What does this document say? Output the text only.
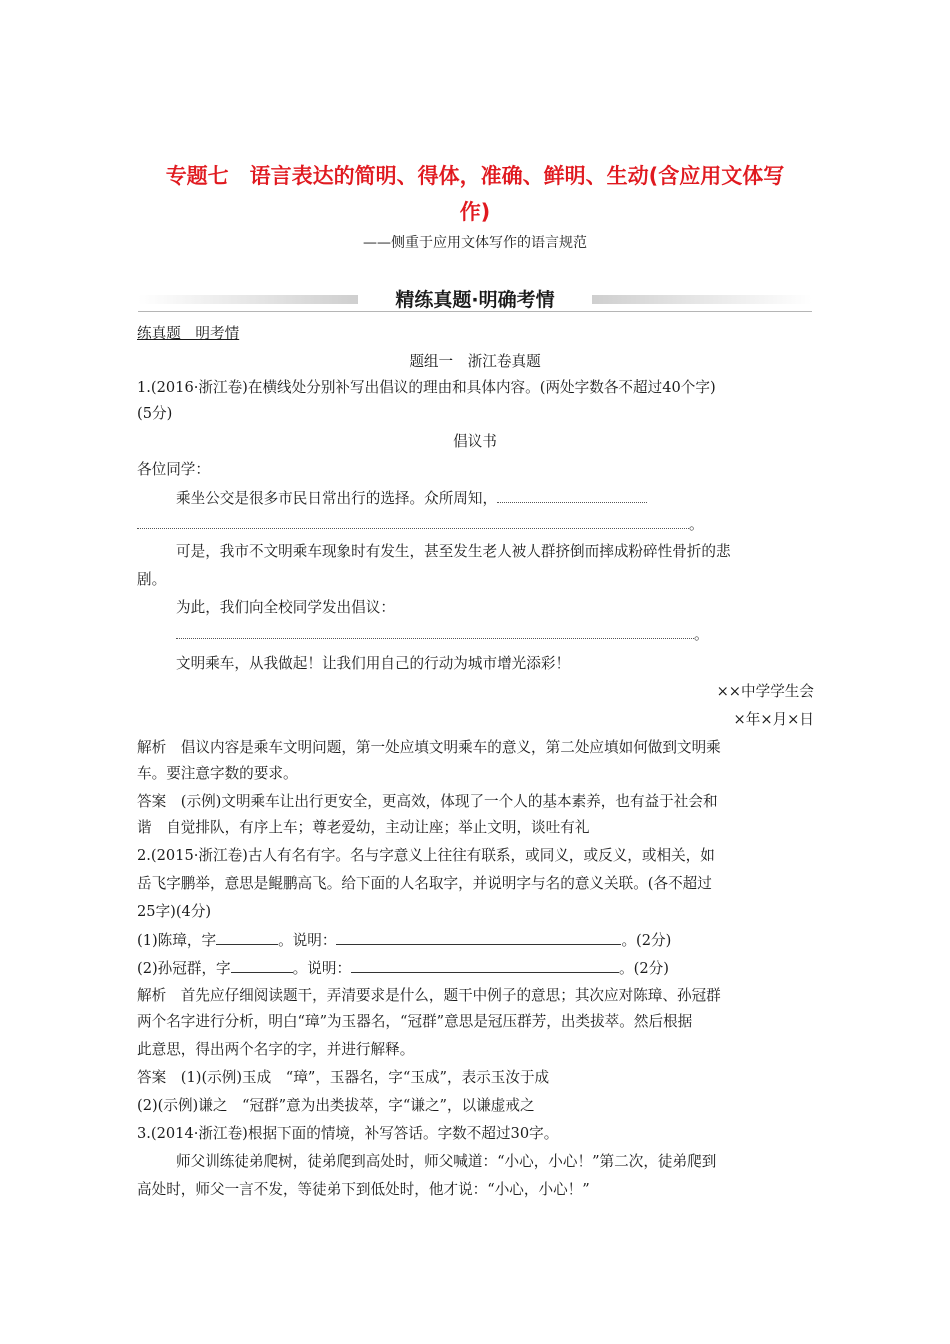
专题七　语言表达的简明、得体，准确、鲜明、生动(含应用文体写
作)
——侧重于应用文体写作的语言规范
精练真题·明确考情
练真题　明考情
题组一　浙江卷真题
1.(2016·浙江卷)在横线处分别补写出倡议的理由和具体内容。(两处字数各不超过40个字)
(5分)
倡议书
各位同学：
乘坐公交是很多市民日常出行的选择。众所周知，
。
可是，我市不文明乘车现象时有发生，甚至发生老人被人群挤倒而摔成粉碎性骨折的悲
剧。
为此，我们向全校同学发出倡议：
。
文明乘车，从我做起！让我们用自己的行动为城市增光添彩！
××中学学生会
×年×月×日
解析　倡议内容是乘车文明问题，第一处应填文明乘车的意义，第二处应填如何做到文明乘
车。要注意字数的要求。
答案　(示例)文明乘车让出行更安全，更高效，体现了一个人的基本素养，也有益于社会和
谐　自觉排队，有序上车；尊老爱幼，主动让座；举止文明，谈吐有礼
2.(2015·浙江卷)古人有名有字。名与字意义上往往有联系，或同义，或反义，或相关，如
岳飞字鹏举，意思是鲲鹏高飞。给下面的人名取字，并说明字与名的意义关联。(各不超过
25字)(4分)
(1)陈璋，字	。说明：	。(2分)
(2)孙冠群，字	。说明：	。(2分)
解析　首先应仔细阅读题干，弄清要求是什么，题干中例子的意思；其次应对陈璋、孙冠群
两个名字进行分析，明白“璋”为玉器名，“冠群”意思是冠压群芳，出类拔萃。然后根据
此意思，得出两个名字的字，并进行解释。
答案　(1)(示例)玉成　“璋”，玉器名，字“玉成”，表示玉汝于成
(2)(示例)谦之　“冠群”意为出类拔萃，字“谦之”，以谦虚戒之
3.(2014·浙江卷)根据下面的情境，补写答话。字数不超过30字。
师父训练徒弟爬树，徒弟爬到高处时，师父喊道：“小心，小心！”第二次，徒弟爬到
高处时，师父一言不发，等徒弟下到低处时，他才说：“小心，小心！”
